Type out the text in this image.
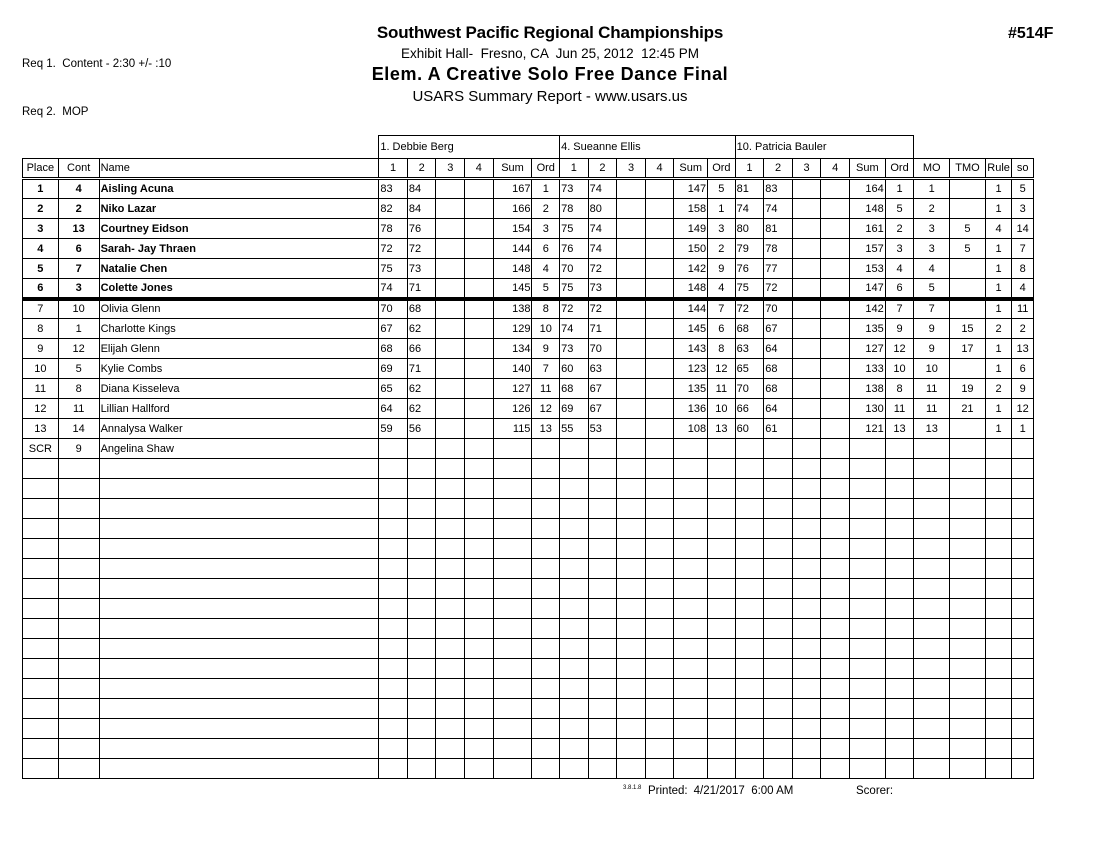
Req 1.  Content - 2:30 +/- :10

Req 2.  MOP

Southwest Pacific Regional Championships
Exhibit Hall-  Fresno, CA  Jun 25, 2012  12:45 PM
Elem. A Creative Solo Free Dance Final
USARS Summary Report - www.usars.us
#514F
			1. Debbie Berg						4. Sueanne Ellis						10. Patricia Bauler									
Place	Cont	Name	1	2	3	4	Sum	Ord	1	2	3	4	Sum	Ord	1	2	3	4	Sum	Ord	MO	TMO	Rule	so
1	4	Aisling Acuna	83	84			167	1	73	74			147	5	81	83			164	1	1		1	5
2	2	Niko Lazar	82	84			166	2	78	80			158	1	74	74			148	5	2		1	3
3	13	Courtney Eidson	78	76			154	3	75	74			149	3	80	81			161	2	3	5	4	14
4	6	Sarah- Jay Thraen	72	72			144	6	76	74			150	2	79	78			157	3	3	5	1	7
5	7	Natalie Chen	75	73			148	4	70	72			142	9	76	77			153	4	4		1	8
6	3	Colette Jones	74	71			145	5	75	73			148	4	75	72			147	6	5		1	4
7	10	Olivia Glenn	70	68			138	8	72	72			144	7	72	70			142	7	7		1	11
8	1	Charlotte Kings	67	62			129	10	74	71			145	6	68	67			135	9	9	15	2	2
9	12	Elijah Glenn	68	66			134	9	73	70			143	8	63	64			127	12	9	17	1	13
10	5	Kylie Combs	69	71			140	7	60	63			123	12	65	68			133	10	10		1	6
11	8	Diana Kisseleva	65	62			127	11	68	67			135	11	70	68			138	8	11	19	2	9
12	11	Lillian Hallford	64	62			126	12	69	67			136	10	66	64			130	11	11	21	1	12
13	14	Annalysa Walker	59	56			115	13	55	53			108	13	60	61			121	13	13		1	1
SCR	9	Angelina Shaw																						

3.8.1.8 Printed: 4/21/2017  6:00 AM	Scorer:
